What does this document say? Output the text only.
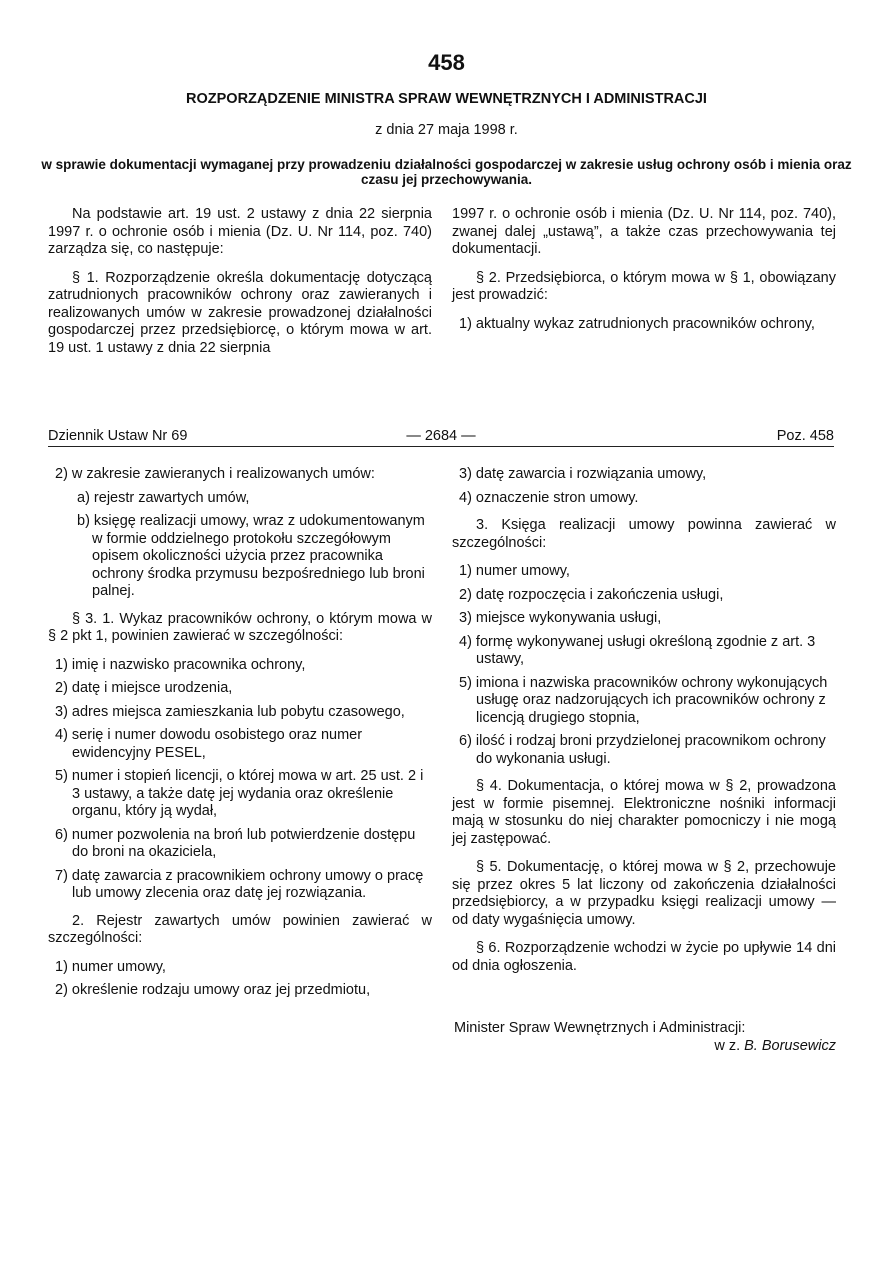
458
ROZPORZĄDZENIE MINISTRA SPRAW WEWNĘTRZNYCH I ADMINISTRACJI
z dnia 27 maja 1998 r.
w sprawie dokumentacji wymaganej przy prowadzeniu działalności gospodarczej w zakresie usług ochrony osób i mienia oraz czasu jej przechowywania.

Na podstawie art. 19 ust. 2 ustawy z dnia 22 sierpnia 1997 r. o ochronie osób i mienia (Dz. U. Nr 114, poz. 740) zarządza się, co następuje:

§ 1. Rozporządzenie określa dokumentację dotyczącą zatrudnionych pracowników ochrony oraz zawieranych i realizowanych umów w zakresie prowadzonej działalności gospodarczej przez przedsiębiorcę, o którym mowa w art. 19 ust. 1 ustawy z dnia 22 sierpnia

1997 r. o ochronie osób i mienia (Dz. U. Nr 114, poz. 740), zwanej dalej „ustawą”, a także czas przechowywania tej dokumentacji.

§ 2. Przedsiębiorca, o którym mowa w § 1, obowiązany jest prowadzić:

1) aktualny wykaz zatrudnionych pracowników ochrony,

Dziennik Ustaw Nr 69	— 2684 —	Poz. 458

2) w zakresie zawieranych i realizowanych umów:

a) rejestr zawartych umów,

b) księgę realizacji umowy, wraz z udokumentowanym w formie oddzielnego protokołu szczegółowym opisem okoliczności użycia przez pracownika ochrony środka przymusu bezpośredniego lub broni palnej.

§ 3. 1. Wykaz pracowników ochrony, o którym mowa w § 2 pkt 1, powinien zawierać w szczególności:

1) imię i nazwisko pracownika ochrony,

2) datę i miejsce urodzenia,

3) adres miejsca zamieszkania lub pobytu czasowego,

4) serię i numer dowodu osobistego oraz numer ewidencyjny PESEL,

5) numer i stopień licencji, o której mowa w art. 25 ust. 2 i 3 ustawy, a także datę jej wydania oraz określenie organu, który ją wydał,

6) numer pozwolenia na broń lub potwierdzenie dostępu do broni na okaziciela,

7) datę zawarcia z pracownikiem ochrony umowy o pracę lub umowy zlecenia oraz datę jej rozwiązania.

2. Rejestr zawartych umów powinien zawierać w szczególności:

1) numer umowy,

2) określenie rodzaju umowy oraz jej przedmiotu,

3) datę zawarcia i rozwiązania umowy,

4) oznaczenie stron umowy.

3. Księga realizacji umowy powinna zawierać w szczególności:

1) numer umowy,

2) datę rozpoczęcia i zakończenia usługi,

3) miejsce wykonywania usługi,

4) formę wykonywanej usługi określoną zgodnie z art. 3 ustawy,

5) imiona i nazwiska pracowników ochrony wykonujących usługę oraz nadzorujących ich pracowników ochrony z licencją drugiego stopnia,

6) ilość i rodzaj broni przydzielonej pracownikom ochrony do wykonania usługi.

§ 4. Dokumentacja, o której mowa w § 2, prowadzona jest w formie pisemnej. Elektroniczne nośniki informacji mają w stosunku do niej charakter pomocniczy i nie mogą jej zastępować.

§ 5. Dokumentację, o której mowa w § 2, przechowuje się przez okres 5 lat liczony od zakończenia działalności przedsiębiorcy, a w przypadku księgi realizacji umowy — od daty wygaśnięcia umowy.

§ 6. Rozporządzenie wchodzi w życie po upływie 14 dni od dnia ogłoszenia.

Minister Spraw Wewnętrznych i Administracji:
w z. B. Borusewicz
